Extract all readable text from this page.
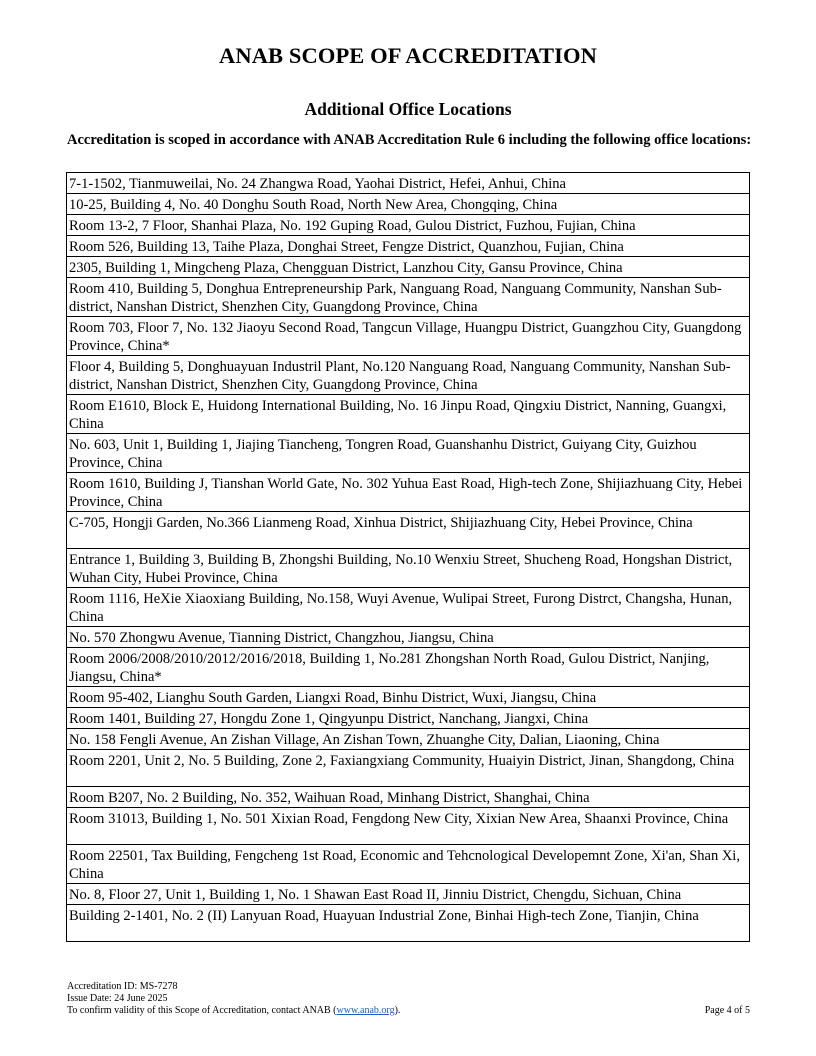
ANAB SCOPE OF ACCREDITATION
Additional Office Locations
Accreditation is scoped in accordance with ANAB Accreditation Rule 6 including the following office locations:
7-1-1502, Tianmuweilai, No. 24 Zhangwa Road, Yaohai District, Hefei, Anhui, China
10-25, Building 4, No. 40 Donghu South Road, North New Area, Chongqing, China
Room 13-2, 7 Floor, Shanhai Plaza, No. 192 Guping Road, Gulou District, Fuzhou, Fujian, China
Room 526, Building 13, Taihe Plaza, Donghai Street, Fengze District, Quanzhou, Fujian, China
2305, Building 1, Mingcheng Plaza, Chengguan District, Lanzhou City, Gansu Province, China
Room 410, Building 5, Donghua Entrepreneurship Park, Nanguang Road, Nanguang Community, Nanshan Sub-district, Nanshan District, Shenzhen City, Guangdong Province, China
Room 703, Floor 7, No. 132 Jiaoyu Second Road, Tangcun Village, Huangpu District, Guangzhou City, Guangdong Province, China*
Floor 4, Building 5, Donghuayuan Industril Plant, No.120 Nanguang Road, Nanguang Community, Nanshan Sub-district, Nanshan District, Shenzhen City, Guangdong Province, China
Room E1610, Block E, Huidong International Building, No. 16 Jinpu Road, Qingxiu District, Nanning, Guangxi, China
No. 603, Unit 1, Building 1, Jiajing Tiancheng, Tongren Road, Guanshanhu District, Guiyang City, Guizhou Province, China
Room 1610, Building J, Tianshan World Gate, No. 302 Yuhua East Road, High-tech Zone, Shijiazhuang City, Hebei Province, China
C-705, Hongji Garden, No.366 Lianmeng Road, Xinhua District, Shijiazhuang City, Hebei Province, China
Entrance 1, Building 3, Building B, Zhongshi Building, No.10 Wenxiu Street, Shucheng Road, Hongshan District, Wuhan City, Hubei Province, China
Room 1116, HeXie Xiaoxiang Building, No.158, Wuyi Avenue, Wulipai Street, Furong Distrct, Changsha, Hunan, China
No. 570 Zhongwu Avenue, Tianning District, Changzhou, Jiangsu, China
Room 2006/2008/2010/2012/2016/2018, Building 1, No.281 Zhongshan North Road, Gulou District, Nanjing, Jiangsu, China*
Room 95-402, Lianghu South Garden, Liangxi Road, Binhu District, Wuxi, Jiangsu, China
Room 1401, Building 27, Hongdu Zone 1, Qingyunpu District, Nanchang, Jiangxi, China
No. 158 Fengli Avenue, An Zishan Village, An Zishan Town, Zhuanghe City, Dalian, Liaoning, China
Room 2201, Unit 2, No. 5 Building, Zone 2, Faxiangxiang Community, Huaiyin District, Jinan, Shangdong, China
Room B207, No. 2 Building, No. 352, Waihuan Road, Minhang District, Shanghai, China
Room 31013, Building 1, No. 501 Xixian Road, Fengdong New City, Xixian New Area, Shaanxi Province, China
Room 22501, Tax Building, Fengcheng 1st Road, Economic and Tehcnological Developemnt Zone, Xi'an, Shan Xi, China
No. 8, Floor 27, Unit 1, Building 1, No. 1 Shawan East Road II, Jinniu District, Chengdu, Sichuan, China
Building 2-1401, No. 2 (II) Lanyuan Road, Huayuan Industrial Zone, Binhai High-tech Zone, Tianjin, China
Accreditation ID: MS-7278
Issue Date: 24 June 2025
To confirm validity of this Scope of Accreditation, contact ANAB (www.anab.org).	Page 4 of 5
